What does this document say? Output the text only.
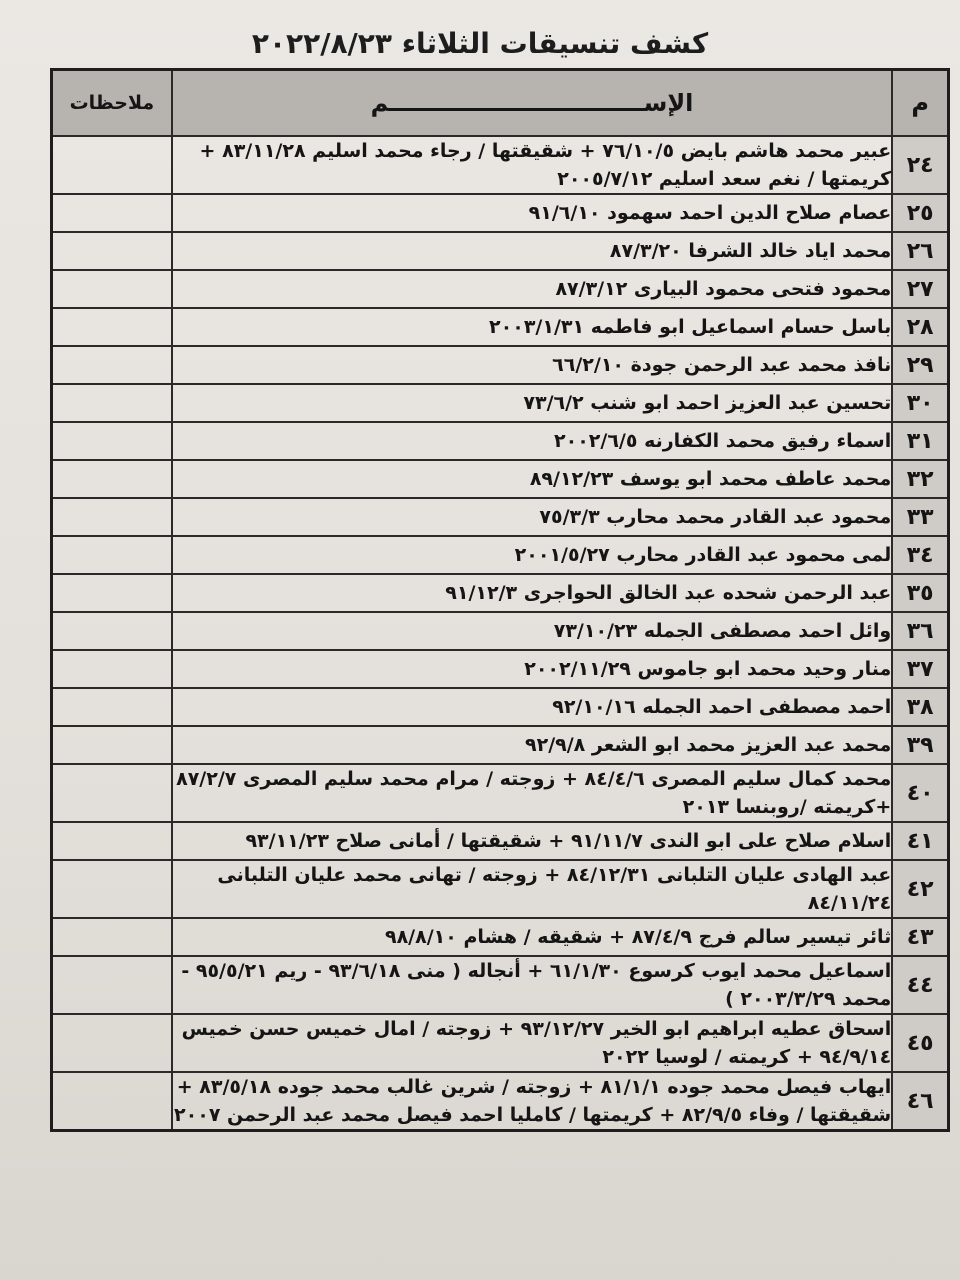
كشف تنسيقات الثلاثاء ٢٠٢٢/٨/٢٣
م	الإســـــــــــــــــــــــــــــــم	ملاحظات
٢٤	عبير محمد هاشم بايض ٧٦/١٠/٥ + شقيقتها / رجاء محمد اسليم ٨٣/١١/٢٨ + كريمتها / نغم سعد اسليم ٢٠٠٥/٧/١٢	
٢٥	عصام صلاح الدين احمد سهمود ٩١/٦/١٠	
٢٦	محمد اياد خالد الشرفا ٨٧/٣/٢٠	
٢٧	محمود فتحى محمود البيارى ٨٧/٣/١٢	
٢٨	باسل حسام اسماعيل ابو فاطمه ٢٠٠٣/١/٣١	
٢٩	نافذ محمد عبد الرحمن جودة ٦٦/٢/١٠	
٣٠	تحسين عبد العزيز احمد ابو شنب ٧٣/٦/٢	
٣١	اسماء رفيق محمد الكفارنه ٢٠٠٢/٦/٥	
٣٢	محمد عاطف محمد ابو يوسف ٨٩/١٢/٢٣	
٣٣	محمود عبد القادر محمد محارب ٧٥/٣/٣	
٣٤	لمى محمود عبد القادر محارب ٢٠٠١/٥/٢٧	
٣٥	عبد الرحمن شحده عبد الخالق الحواجرى ٩١/١٢/٣	
٣٦	وائل احمد مصطفى الجمله ٧٣/١٠/٢٣	
٣٧	منار وحيد محمد ابو جاموس ٢٠٠٢/١١/٢٩	
٣٨	احمد مصطفى احمد الجمله ٩٢/١٠/١٦	
٣٩	محمد عبد العزيز محمد ابو الشعر ٩٢/٩/٨	
٤٠	محمد كمال سليم المصرى ٨٤/٤/٦ + زوجته / مرام محمد سليم المصرى ٨٧/٢/٧ +كريمته /روبنسا ٢٠١٣	
٤١	اسلام صلاح على ابو الندى ٩١/١١/٧ + شقيقتها / أمانى صلاح ٩٣/١١/٢٣	
٤٢	عبد الهادى عليان التلبانى ٨٤/١٢/٣١ + زوجته / تهانى محمد عليان التلبانى ٨٤/١١/٢٤	
٤٣	ثائر تيسير سالم فرج ٨٧/٤/٩ + شقيقه / هشام ٩٨/٨/١٠	
٤٤	اسماعيل محمد ايوب كرسوع ٦١/١/٣٠ + أنجاله ( منى ٩٣/٦/١٨ - ريم ٩٥/٥/٢١ - محمد ٢٠٠٣/٣/٢٩ )	
٤٥	اسحاق عطيه ابراهيم ابو الخير ٩٣/١٢/٢٧ + زوجته / امال خميس حسن خميس ٩٤/٩/١٤ + كريمته / لوسيا ٢٠٢٢	
٤٦	ايهاب فيصل محمد جوده ٨١/١/١ + زوجته / شرين غالب محمد جوده ٨٣/٥/١٨ + شقيقتها / وفاء ٨٢/٩/٥ + كريمتها / كامليا احمد فيصل محمد عبد الرحمن ٢٠٠٧	
